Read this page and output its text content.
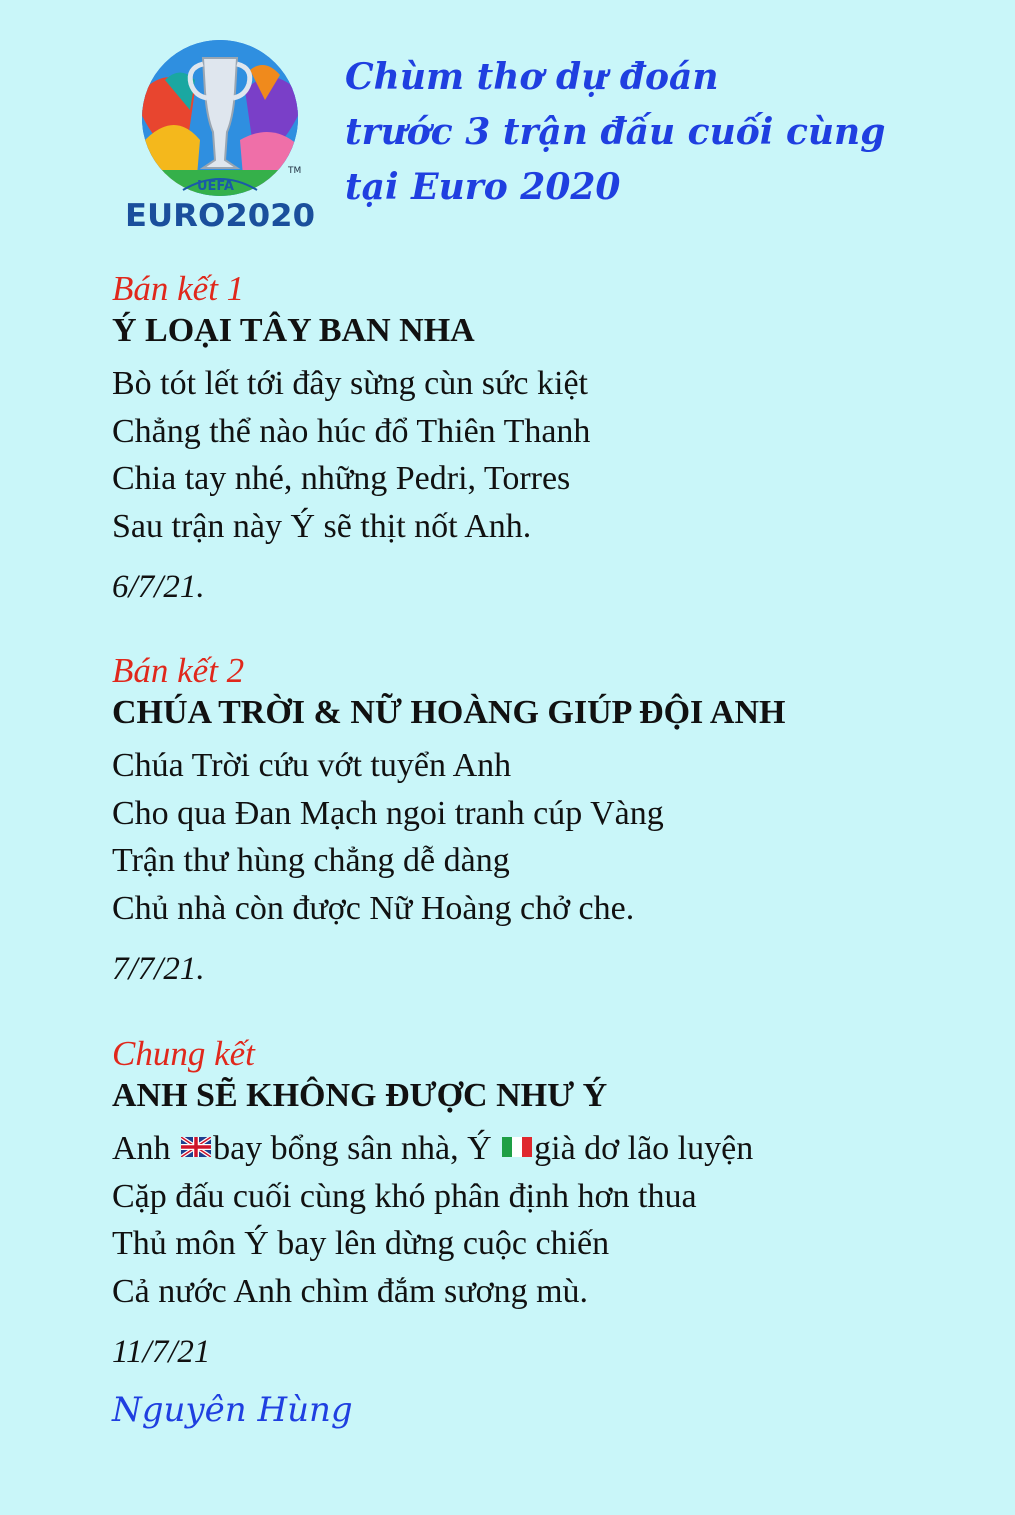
TM
UEFA
EURO2020
Chùm thơ dự đoán
trước 3 trận đấu cuối cùng
tại Euro 2020
Bán kết 1
Ý LOẠI TÂY BAN NHA
Bò tót lết tới đây sừng cùn sức kiệt
Chẳng thể nào húc đổ Thiên Thanh
Chia tay nhé, những Pedri, Torres
Sau trận này Ý sẽ thịt nốt Anh.
6/7/21.
Bán kết 2
CHÚA TRỜI & NỮ HOÀNG GIÚP ĐỘI ANH
Chúa Trời cứu vớt tuyển Anh
Cho qua Đan Mạch ngoi tranh cúp Vàng
Trận thư hùng chẳng dễ dàng
Chủ nhà còn được Nữ Hoàng chở che.
7/7/21.
Chung kết
ANH SẼ KHÔNG ĐƯỢC NHƯ Ý
Anh bay bổng sân nhà, Ý già dơ lão luyện
Cặp đấu cuối cùng khó phân định hơn thua
Thủ môn Ý bay lên dừng cuộc chiến
Cả nước Anh chìm đắm sương mù.
11/7/21
Nguyên Hùng
